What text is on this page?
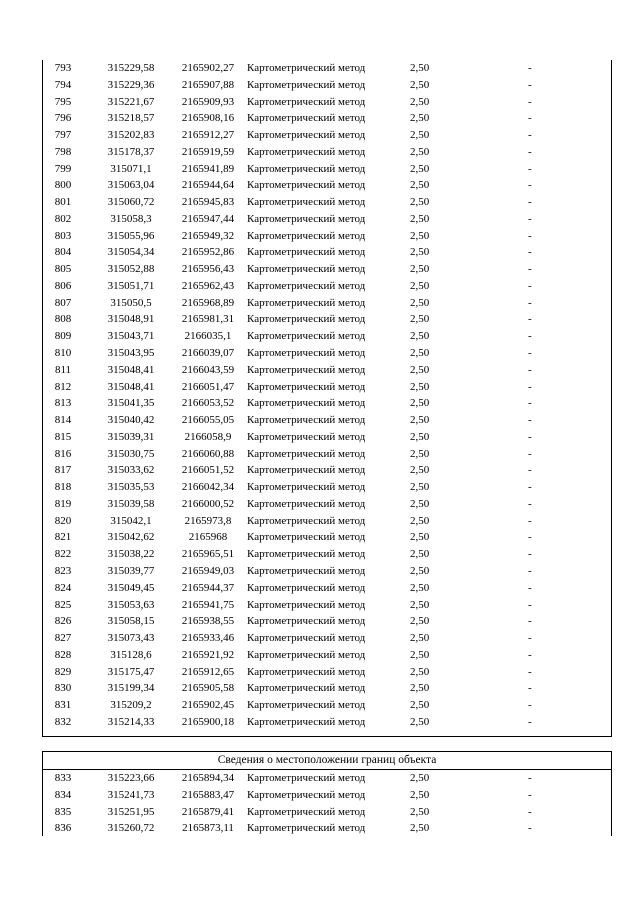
793	315229,58	2165902,27	Картометрический метод	2,50	-
794	315229,36	2165907,88	Картометрический метод	2,50	-
795	315221,67	2165909,93	Картометрический метод	2,50	-
796	315218,57	2165908,16	Картометрический метод	2,50	-
797	315202,83	2165912,27	Картометрический метод	2,50	-
798	315178,37	2165919,59	Картометрический метод	2,50	-
799	315071,1	2165941,89	Картометрический метод	2,50	-
800	315063,04	2165944,64	Картометрический метод	2,50	-
801	315060,72	2165945,83	Картометрический метод	2,50	-
802	315058,3	2165947,44	Картометрический метод	2,50	-
803	315055,96	2165949,32	Картометрический метод	2,50	-
804	315054,34	2165952,86	Картометрический метод	2,50	-
805	315052,88	2165956,43	Картометрический метод	2,50	-
806	315051,71	2165962,43	Картометрический метод	2,50	-
807	315050,5	2165968,89	Картометрический метод	2,50	-
808	315048,91	2165981,31	Картометрический метод	2,50	-
809	315043,71	2166035,1	Картометрический метод	2,50	-
810	315043,95	2166039,07	Картометрический метод	2,50	-
811	315048,41	2166043,59	Картометрический метод	2,50	-
812	315048,41	2166051,47	Картометрический метод	2,50	-
813	315041,35	2166053,52	Картометрический метод	2,50	-
814	315040,42	2166055,05	Картометрический метод	2,50	-
815	315039,31	2166058,9	Картометрический метод	2,50	-
816	315030,75	2166060,88	Картометрический метод	2,50	-
817	315033,62	2166051,52	Картометрический метод	2,50	-
818	315035,53	2166042,34	Картометрический метод	2,50	-
819	315039,58	2166000,52	Картометрический метод	2,50	-
820	315042,1	2165973,8	Картометрический метод	2,50	-
821	315042,62	2165968	Картометрический метод	2,50	-
822	315038,22	2165965,51	Картометрический метод	2,50	-
823	315039,77	2165949,03	Картометрический метод	2,50	-
824	315049,45	2165944,37	Картометрический метод	2,50	-
825	315053,63	2165941,75	Картометрический метод	2,50	-
826	315058,15	2165938,55	Картометрический метод	2,50	-
827	315073,43	2165933,46	Картометрический метод	2,50	-
828	315128,6	2165921,92	Картометрический метод	2,50	-
829	315175,47	2165912,65	Картометрический метод	2,50	-
830	315199,34	2165905,58	Картометрический метод	2,50	-
831	315209,2	2165902,45	Картометрический метод	2,50	-
832	315214,33	2165900,18	Картометрический метод	2,50	-
Сведения о местоположении границ объекта
833	315223,66	2165894,34	Картометрический метод	2,50	-
834	315241,73	2165883,47	Картометрический метод	2,50	-
835	315251,95	2165879,41	Картометрический метод	2,50	-
836	315260,72	2165873,11	Картометрический метод	2,50	-
